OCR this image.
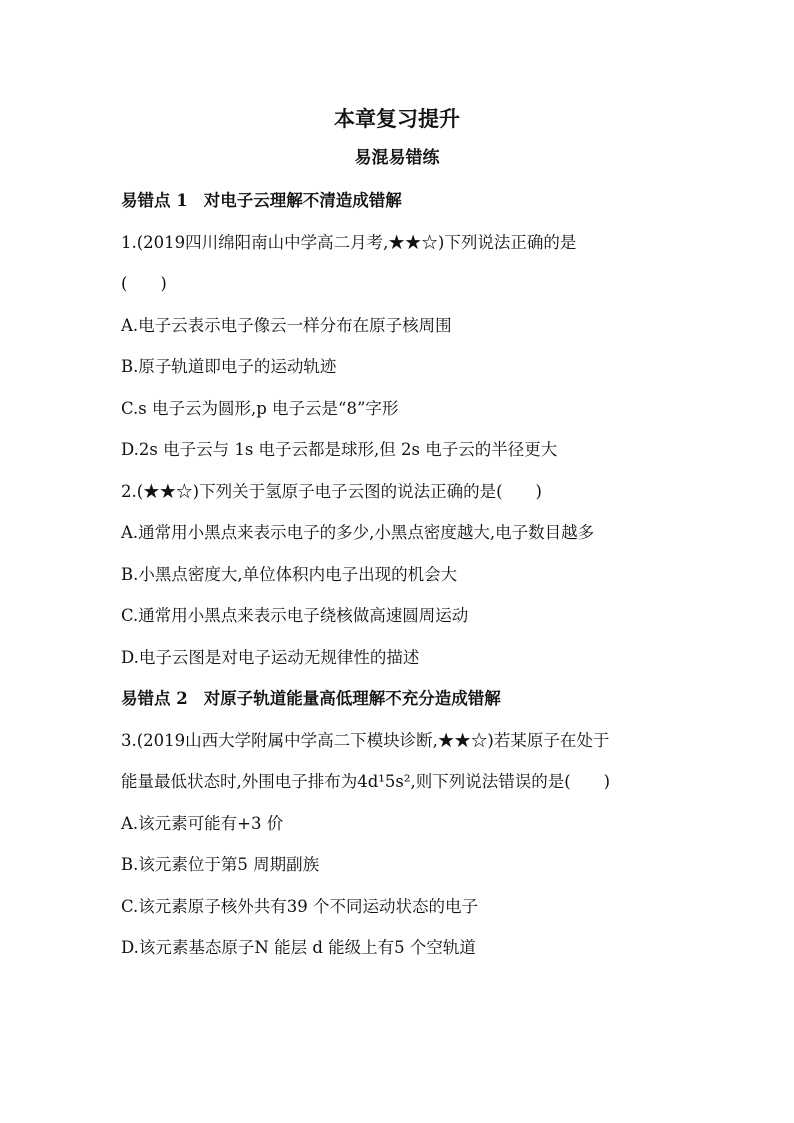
本章复习提升
易混易错练
易错点 1 对电子云理解不清造成错解
1.(2019四川绵阳南山中学高二月考,★★☆)下列说法正确的是
(　　)
A.电子云表示电子像云一样分布在原子核周围
B.原子轨道即电子的运动轨迹
C.s 电子云为圆形,p 电子云是“8”字形
D.2s 电子云与 1s 电子云都是球形,但 2s 电子云的半径更大
2.(★★☆)下列关于氢原子电子云图的说法正确的是(　　)
A.通常用小黑点来表示电子的多少,小黑点密度越大,电子数目越多
B.小黑点密度大,单位体积内电子出现的机会大
C.通常用小黑点来表示电子绕核做高速圆周运动
D.电子云图是对电子运动无规律性的描述
易错点 2 对原子轨道能量高低理解不充分造成错解
3.(2019山西大学附属中学高二下模块诊断,★★☆)若某原子在处于
能量最低状态时,外围电子排布为4d¹5s²,则下列说法错误的是(　　)
A.该元素可能有+3 价
B.该元素位于第5 周期副族
C.该元素原子核外共有39 个不同运动状态的电子
D.该元素基态原子N 能层 d 能级上有5 个空轨道
